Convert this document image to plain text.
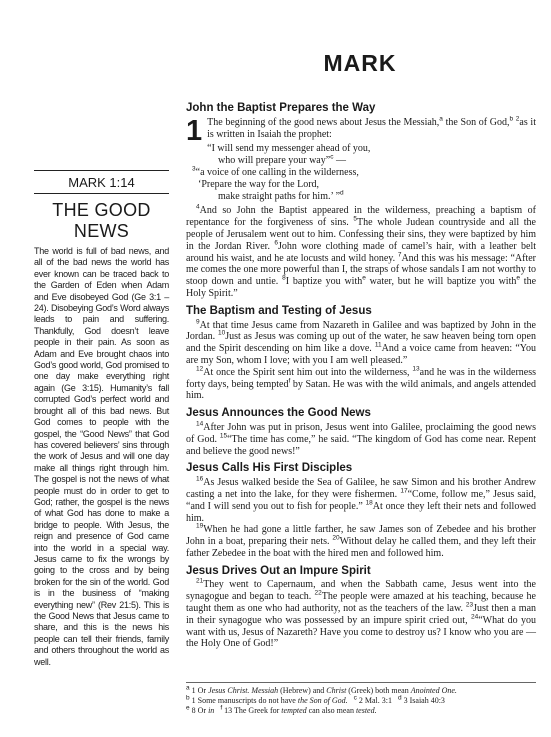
MARK
MARK 1:14
THE GOOD NEWS
The world is full of bad news, and all of the bad news the world has ever known can be traced back to the Garden of Eden when Adam and Eve disobeyed God (Ge 3:1 – 24). Disobeying God’s Word always leads to pain and suffering. Thankfully, God doesn’t leave people in their pain. As soon as Adam and Eve brought chaos into God’s good world, God promised to one day make everything right again (Ge 3:15). Humanity’s fall corrupted God’s perfect world and brought all of this bad news. But God comes to people with the gospel, the “Good News” that God has covered believers’ sins through the work of Jesus and will one day make all things right through him. The gospel is not the news of what people must do in order to get to God; rather, the gospel is the news of what God has done to make a bridge to people. With Jesus, the reign and presence of God came into the world in a special way. Jesus came to fix the wrongs by going to the cross and by being broken for the sin of the world. God is in the business of “making everything new” (Rev 21:5). This is the Good News that Jesus came to share, and this is the news his people can tell their friends, family and others throughout the world as well.
John the Baptist Prepares the Way

1 The beginning of the good news about Jesus the Messiah,$^a$ the Son of God,$^b$ $^2$as it is written in Isaiah the prophet:

“I will send my messenger ahead of you,
who will prepare your way”$^c$ —
$^3$“a voice of one calling in the wilderness,
‘Prepare the way for the Lord,
make straight paths for him.’ ”$^d$

$^4$And so John the Baptist appeared in the wilderness, preaching a baptism of repentance for the forgiveness of sins. $^5$The whole Judean countryside and all the people of Jerusalem went out to him. Confessing their sins, they were baptized by him in the Jordan River. $^6$John wore clothing made of camel’s hair, with a leather belt around his waist, and he ate locusts and wild honey. $^7$And this was his message: “After me comes the one more powerful than I, the straps of whose sandals I am not worthy to stoop down and untie. $^8$I baptize you with$^e$ water, but he will baptize you with$^e$ the Holy Spirit.”

The Baptism and Testing of Jesus

$^9$At that time Jesus came from Nazareth in Galilee and was baptized by John in the Jordan. $^{10}$Just as Jesus was coming up out of the water, he saw heaven being torn open and the Spirit descending on him like a dove. $^{11}$And a voice came from heaven: “You are my Son, whom I love; with you I am well pleased.”

$^{12}$At once the Spirit sent him out into the wilderness, $^{13}$and he was in the wilderness forty days, being tempted$^f$ by Satan. He was with the wild animals, and angels attended him.

Jesus Announces the Good News

$^{14}$After John was put in prison, Jesus went into Galilee, proclaiming the good news of God. $^{15}$“The time has come,” he said. “The kingdom of God has come near. Repent and believe the good news!”

Jesus Calls His First Disciples

$^{16}$As Jesus walked beside the Sea of Galilee, he saw Simon and his brother Andrew casting a net into the lake, for they were fishermen. $^{17}$“Come, follow me,” Jesus said, “and I will send you out to fish for people.” $^{18}$At once they left their nets and followed him.

$^{19}$When he had gone a little farther, he saw James son of Zebedee and his brother John in a boat, preparing their nets. $^{20}$Without delay he called them, and they left their father Zebedee in the boat with the hired men and followed him.

Jesus Drives Out an Impure Spirit

$^{21}$They went to Capernaum, and when the Sabbath came, Jesus went into the synagogue and began to teach. $^{22}$The people were amazed at his teaching, because he taught them as one who had authority, not as the teachers of the law. $^{23}$Just then a man in their synagogue who was possessed by an impure spirit cried out, $^{24}$“What do you want with us, Jesus of Nazareth? Have you come to destroy us? I know who you are — the Holy One of God!”

$^a$ 1 Or Jesus Christ. Messiah (Hebrew) and Christ (Greek) both mean Anointed One.
$^b$ 1 Some manuscripts do not have the Son of God. $^c$ 2 Mal. 3:1 $^d$ 3 Isaiah 40:3
$^e$ 8 Or in $^f$ 13 The Greek for tempted can also mean tested.
